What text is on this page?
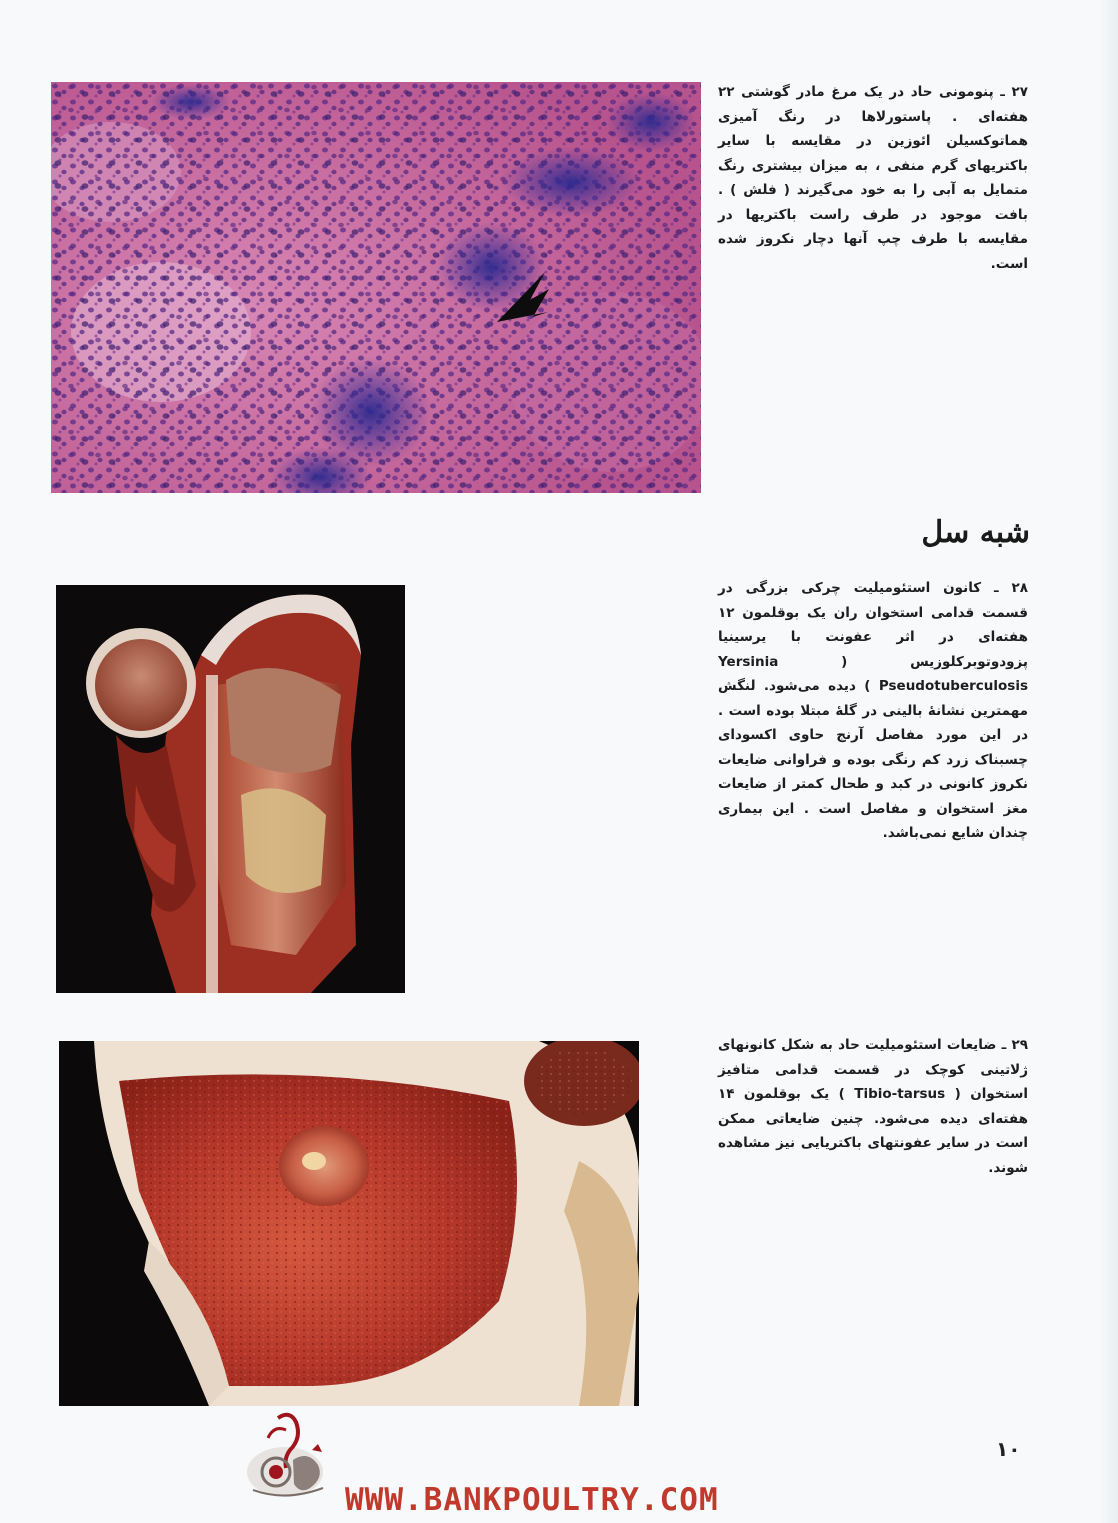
۲۷ ـ پنومونی حاد در یک مرغ مادر گوشتی ۲۲ هفته‌ای . پاستورلاها در رنگ آمیزی هماتوکسیلن ائوزین در مقایسه با سایر باکتریهای گرم منفی ، به میزان بیشتری رنگ متمایل به آبی را به خود می‌گیرند ( فلش ) . بافت موجود در طرف راست باکتریها در مقایسه با طرف چپ آنها دچار نکروز شده است.
شبه سل
۲۸ ـ کانون استئومیلیت چرکی بزرگی در قسمت قدامی استخوان ران یک بوقلمون ۱۲ هفته‌ای در اثر عفونت با یرسینیا پزودوتوبرکلوزیس ( Yersinia Pseudotuberculosis ) دیده می‌شود. لنگش مهمترین نشانهٔ بالینی در گلهٔ مبتلا بوده است . در این مورد مفاصل آرنج حاوی اکسودای چسبناک زرد کم رنگی بوده و فراوانی ضایعات نکروز کانونی در کبد و طحال کمتر از ضایعات مغز استخوان و مفاصل است . این بیماری چندان شایع نمی‌باشد.
۲۹ ـ ضایعات استئومیلیت حاد به شکل کانونهای ژلاتینی کوچک در قسمت قدامی متافیز استخوان ( Tibio-tarsus ) یک بوقلمون ۱۴ هفته‌ای دیده می‌شود. چنین ضایعاتی ممکن است در سایر عفونتهای باکتریایی نیز مشاهده شوند.
۱۰
WWW.BANKPOULTRY.COM
